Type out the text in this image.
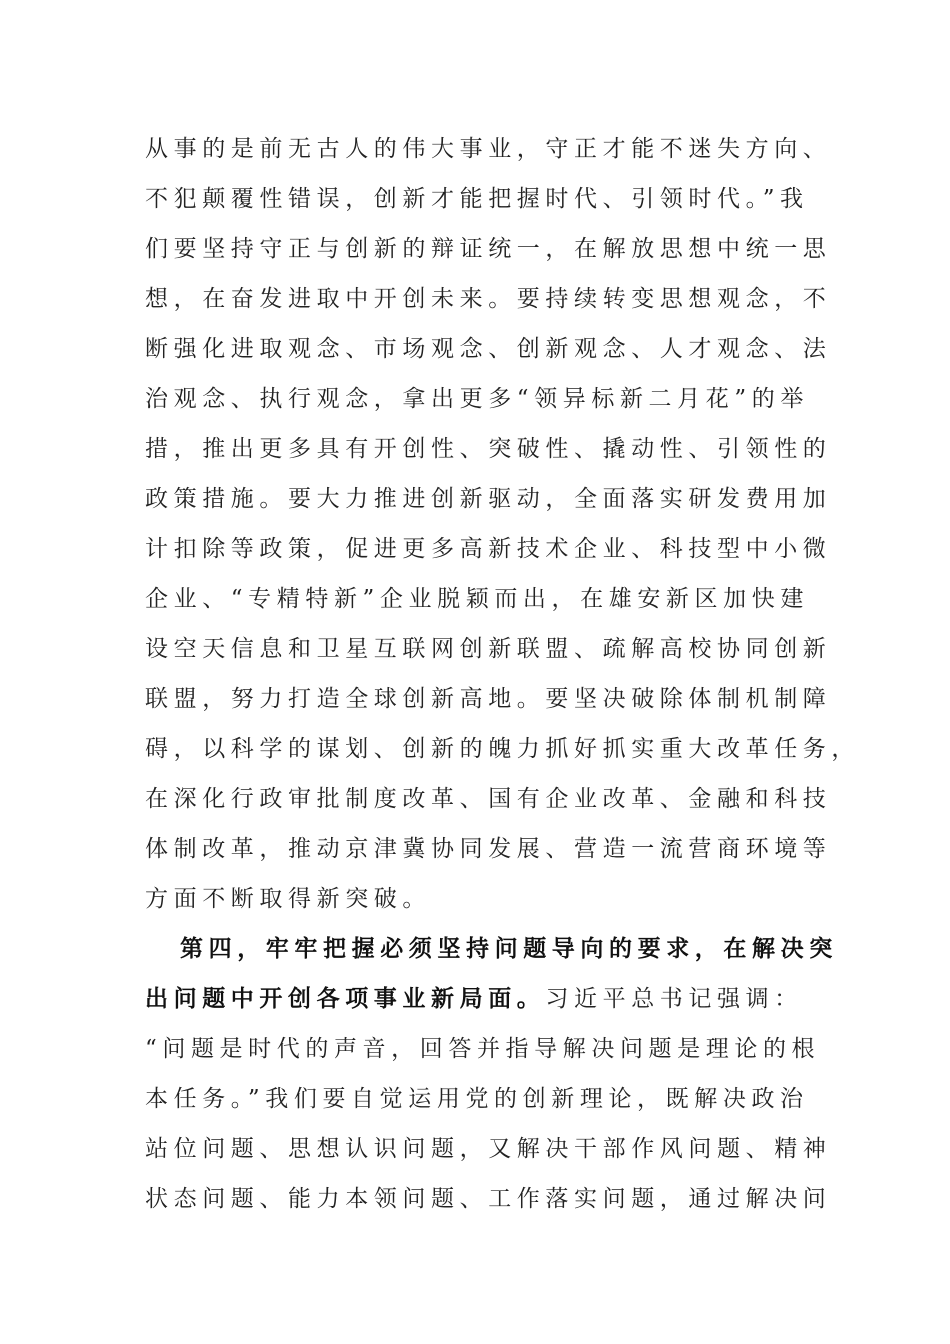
从事的是前无古人的伟大事业，守正才能不迷失方向、
不犯颠覆性错误，创新才能把握时代、引领时代。”我
们要坚持守正与创新的辩证统一，在解放思想中统一思
想，在奋发进取中开创未来。要持续转变思想观念，不
断强化进取观念、市场观念、创新观念、人才观念、法
治观念、执行观念，拿出更多“领异标新二月花”的举
措，推出更多具有开创性、突破性、撬动性、引领性的
政策措施。要大力推进创新驱动，全面落实研发费用加
计扣除等政策，促进更多高新技术企业、科技型中小微
企业、“专精特新”企业脱颖而出，在雄安新区加快建
设空天信息和卫星互联网创新联盟、疏解高校协同创新
联盟，努力打造全球创新高地。要坚决破除体制机制障
碍，以科学的谋划、创新的魄力抓好抓实重大改革任务，
在深化行政审批制度改革、国有企业改革、金融和科技
体制改革，推动京津冀协同发展、营造一流营商环境等
方面不断取得新突破。
第四，牢牢把握必须坚持问题导向的要求，在解决突
出问题中开创各项事业新局面。习近平总书记强调：
“问题是时代的声音，回答并指导解决问题是理论的根
本任务。”我们要自觉运用党的创新理论，既解决政治
站位问题、思想认识问题，又解决干部作风问题、精神
状态问题、能力本领问题、工作落实问题，通过解决问
